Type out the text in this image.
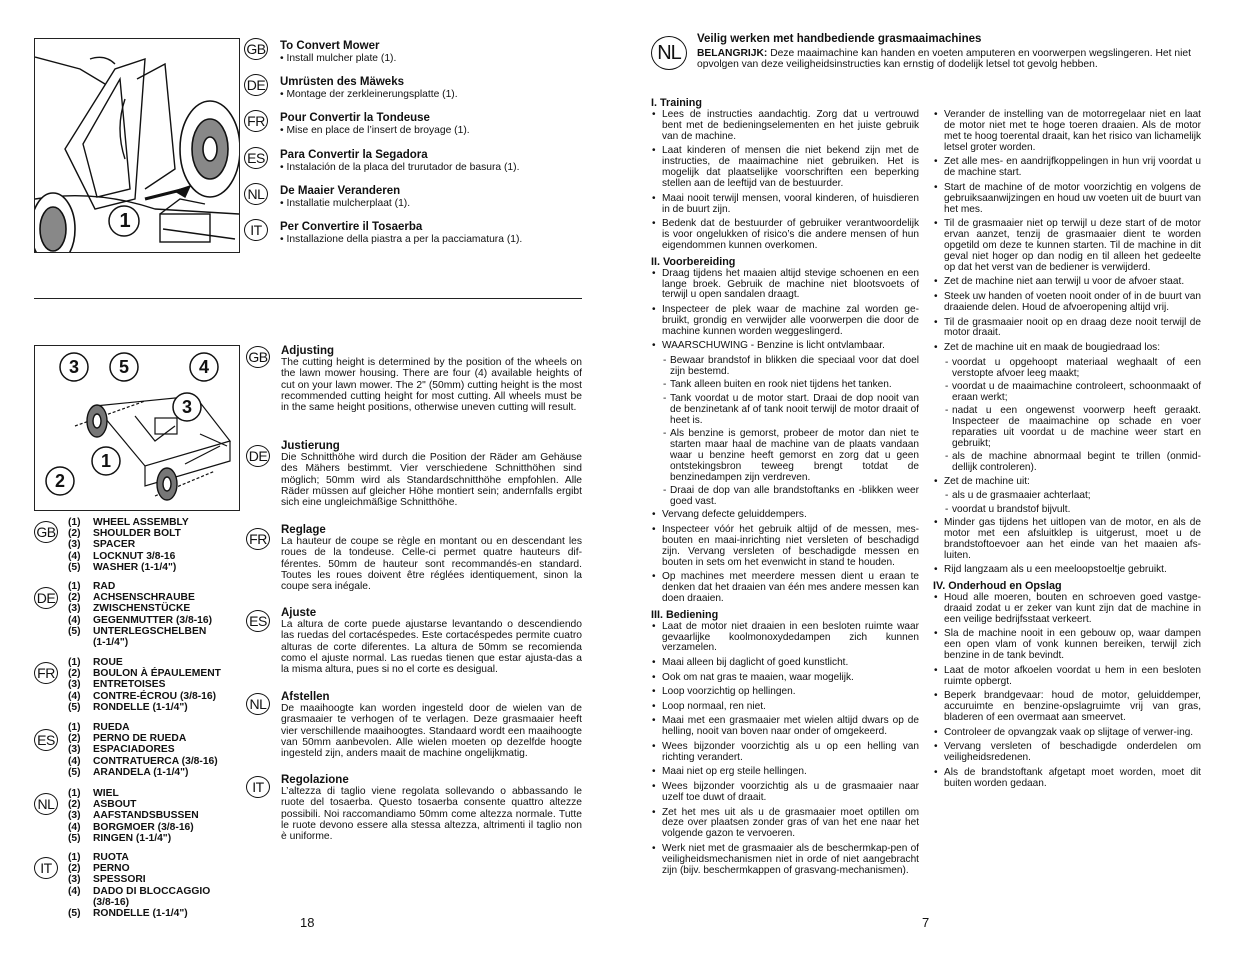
1
GB To Convert Mower
• Install mulcher plate (1).
DE Umrüsten des Mäweks
• Montage der zerkleinerungsplatte (1).
FR Pour Convertir la Tondeuse
• Mise en place de l’insert de broyage (1).
ES Para Convertir la Segadora
• Instalación de la placa del trurutador de basura (1).
NL	De Maaier Veranderen
• Installatie mulcherplaat (1).
IT	Per Convertire il Tosaerba
• Installazione della piastra a per la pacciamatura (1).
3 5	4
3
1
2
GB Adjusting
The cutting height is determined by the position of the wheels on the lawn mower housing. There are four (4) available heights of cut on your lawn mower. The 2" (50mm) cutting height is the most recommended cutting height for most cutting. All wheels must be in the same height positions, otherwise uneven cutting will result.
DE
Justierung
Die Schnitthöhe wird durch die Position der Räder am Gehäuse des Mähers bestimmt. Vier verschiedene Schnitthöhen sind möglich; 50mm wird als Standardschnitthöhe empfohlen. Alle Räder müssen auf gleicher Höhe montiert sein; andernfalls ergibt sich eine ungleichmäßige Schnitthöhe.
FR
Reglage
La hauteur de coupe se règle en montant ou en descendant les roues de la tondeuse. Celle-ci permet quatre hauteurs dif-férentes. 50mm de hauteur sont recommandés-en standard. Toutes les roues doivent être réglées identiquement, sinon la coupe sera inégale.
ES Ajuste
La altura de corte puede ajustarse levantando o descendiendo las ruedas del cortacéspedes. Este cortacéspedes permite cuatro alturas de corte diferentes. La altura de 50mm se recomienda como el ajuste normal. Las ruedas tienen que estar ajusta-das a la misma altura, pues si no el corte es desigual.
NL	Afstellen
De maaihoogte kan worden ingesteld door de wielen van de grasmaaier te verhogen of te verlagen. Deze grasmaaier heeft vier verschillende maaihoogtes. Standaard wordt een maaihoogte van 50mm aanbevolen. Alle wielen moeten op dezelfde hoogte ingesteld zijn, anders maait de machine ongelijkmatig.
IT	Regolazione
L’altezza di taglio viene regolata sollevando o abbassando le ruote del tosaerba. Questo tosaerba consente quattro altezze possibili. Noi raccomandiamo 50mm come altezza normale. Tutte le ruote devono essere alla stessa altezza, altrimenti il taglio non è uniforme.
GB
(1)	WHEEL ASSEMBLY
(2)	SHOULDER BOLT
(3)	SPACER
(4)	LOCKNUT 3/8-16
(5)	WASHER (1-1/4")
DE
(1)	RAD
(2)	ACHSENSCHRAUBE
(3)	ZWISCHENSTÜCKE
(4)	GEGENMUTTER (3/8-16)
(5)	UNTERLEGSCHELBEN
(1-1/4")
FR
(1)	ROUE
(2)	BOULON À ÉPAULEMENT
(3)	ENTRETOISES
(4)	CONTRE-ÉCROU (3/8-16)
(5)	RONDELLE (1-1/4")
ES
(1)	RUEDA
(2)	PERNO DE RUEDA
(3)	ESPACIADORES
(4)	CONTRATUERCA (3/8-16)
(5)	ARANDELA (1-1/4")
NL
(1)	WIEL
(2)	ASBOUT
(3)	AAFSTANDSBUSSEN
(4)	BORGMOER (3/8-16)
(5)	RINGEN (1-1/4")
IT
(1)	RUOTA
(2)	PERNO
(3)	SPESSORI
(4)	DADO DI BLOCCAGGIO
(3/8-16)
(5)	RONDELLE (1-1/4")
18
NL
Veilig werken met handbediende grasmaaimachines
BELANGRIJK: Deze maaimachine kan handen en voeten amputeren en voorwerpen wegslingeren. Het niet opvolgen van deze veiligheidsinstructies kan ernstig of dodelijk letsel tot gevolg hebben.
I. Training
• Lees de instructies aandachtig. Zorg dat u vertrouwd bent met de bedieningselementen en het juiste gebruik van de machine.
• Laat kinderen of mensen die niet bekend zijn met de instructies, de maaimachine niet gebruiken. Het is mogelijk dat plaatselijke voorschriften een beperking stellen aan de leeftijd van de bestuurder.
• Maai nooit terwijl mensen, vooral kinderen, of huisdieren in de buurt zijn.
• Bedenk dat de bestuurder of gebruiker verantwoordelijk is voor ongelukken of risico’s die andere mensen of hun eigendommen kunnen overkomen.
II. Voorbereiding
• Draag tijdens het maaien altijd stevige schoenen en een lange broek. Gebruik de machine niet blootsvoets of terwijl u open sandalen draagt.
• Inspecteer de plek waar de machine zal worden ge-bruikt, grondig en verwijder alle voorwerpen die door de machine kunnen worden weggeslingerd.
• WAARSCHUWING - Benzine is licht ontvlambaar.
- Bewaar brandstof in blikken die speciaal voor dat doel zijn bestemd.
- Tank alleen buiten en rook niet tijdens het tanken.
- Tank voordat u de motor start. Draai de dop nooit van de benzinetank af of tank nooit terwijl de motor draait of heet is.
- Als benzine is gemorst, probeer de motor dan niet te starten maar haal de machine van de plaats vandaan waar u benzine heeft gemorst en zorg dat u geen ontstekingsbron teweeg brengt totdat de benzinedampen zijn verdreven.
- Draai de dop van alle brandstoftanks en -blikken weer goed vast.
• Vervang defecte geluiddempers.
• Inspecteer vóór het gebruik altijd of de messen, mes-bouten en maai-inrichting niet versleten of beschadigd zijn. Vervang versleten of beschadigde messen en bouten in sets om het evenwicht in stand te houden.
• Op machines met meerdere messen dient u eraan te denken dat het draaien van één mes andere messen kan doen draaien.
III. Bediening
• Laat de motor niet draaien in een besloten ruimte waar gevaarlijke koolmonoxydedampen zich kunnen verzamelen.
• Maai alleen bij daglicht of goed kunstlicht.
• Ook om nat gras te maaien, waar mogelijk.
• Loop voorzichtig op hellingen.
• Loop normaal, ren niet.
• Maai met een grasmaaier met wielen altijd dwars op de helling, nooit van boven naar onder of omgekeerd.
• Wees bijzonder voorzichtig als u op een helling van richting verandert.
• Maai niet op erg steile hellingen.
• Wees bijzonder voorzichtig als u de grasmaaier naar uzelf toe duwt of draait.
• Zet het mes uit als u de grasmaaier moet optillen om deze over plaatsen zonder gras of van het ene naar het volgende gazon te vervoeren.
• Werk niet met de grasmaaier als de beschermkap-pen of veiligheidsmechanismen niet in orde of niet aangebracht zijn (bijv. beschermkappen of grasvang-mechanismen).
• Verander de instelling van de motorregelaar niet en laat de motor niet met te hoge toeren draaien. Als de motor met te hoog toerental draait, kan het risico van lichamelijk letsel groter worden.
• Zet alle mes- en aandrijfkoppelingen in hun vrij voordat u de machine start.
• Start de machine of de motor voorzichtig en volgens de gebruiksaanwijzingen en houd uw voeten uit de buurt van het mes.
• Til de grasmaaier niet op terwijl u deze start of de motor ervan aanzet, tenzij de grasmaaier dient te worden opgetild om deze te kunnen starten. Til de machine in dit geval niet hoger op dan nodig en til alleen het gedeelte op dat het verst van de bediener is verwijderd.
• Zet de machine niet aan terwijl u voor de afvoer staat.
• Steek uw handen of voeten nooit onder of in de buurt van draaiende delen. Houd de afvoeropening altijd vrij.
• Til de grasmaaier nooit op en draag deze nooit terwijl de motor draait.
• Zet de machine uit en maak de bougiedraad los:
- voordat u opgehoopt materiaal weghaalt of een verstopte afvoer leeg maakt;
- voordat u de maaimachine controleert, schoonmaakt of eraan werkt;
- nadat u een ongewenst voorwerp heeft geraakt. Inspecteer de maaimachine op schade en voer reparaties uit voordat u de machine weer start en gebruikt;
- als de machine abnormaal begint te trillen (onmid-dellijk controleren).
• Zet de machine uit:
- als u de grasmaaier achterlaat;
- voordat u brandstof bijvult.
• Minder gas tijdens het uitlopen van de motor, en als de motor met een afsluitklep is uitgerust, moet u de brandstoftoevoer aan het einde van het maaien afs-luiten.
• Rijd langzaam als u een meeloopstoeltje gebruikt.
IV. Onderhoud en Opslag
• Houd alle moeren, bouten en schroeven goed vastge-draaid zodat u er zeker van kunt zijn dat de machine in een veilige bedrijfsstaat verkeert.
• Sla de machine nooit in een gebouw op, waar dampen een open vlam of vonk kunnen bereiken, terwijl zich benzine in de tank bevindt.
• Laat de motor afkoelen voordat u hem in een besloten ruimte opbergt.
• Beperk brandgevaar: houd de motor, geluiddemper, accuruimte en benzine-opslagruimte vrij van gras, bladeren of een overmaat aan smeervet.
• Controleer de opvangzak vaak op slijtage of verwer-ing.
• Vervang versleten of beschadigde onderdelen om veiligheidsredenen.
• Als de brandstoftank afgetapt moet worden, moet dit buiten worden gedaan.
7
